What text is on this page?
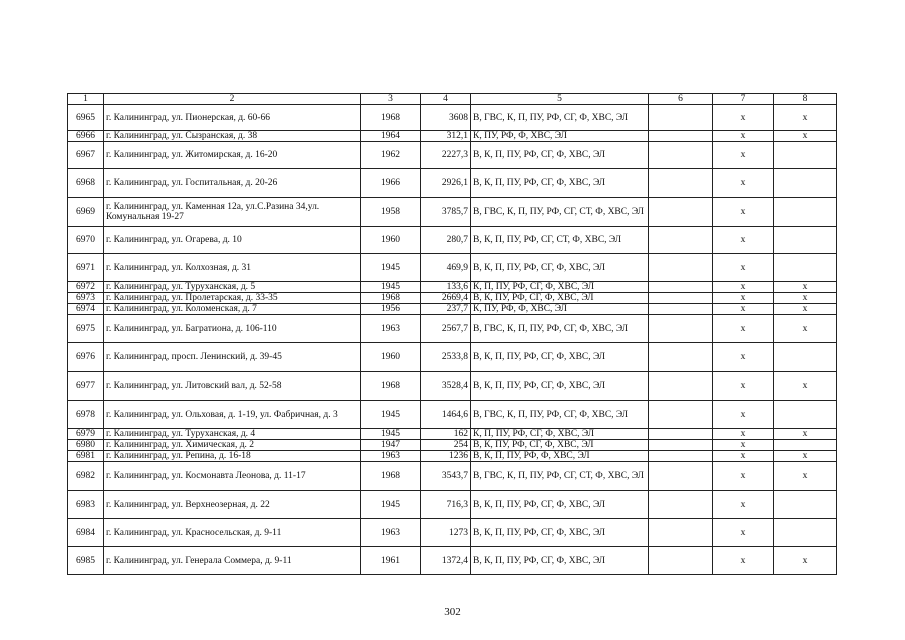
1	2	3	4	5	6	7	8
6965	г. Калининград, ул. Пионерская, д. 60-66	1968	3608	В, ГВС, К, П, ПУ, РФ, СГ, Ф, ХВС, ЭЛ		х	х
6966	г. Калининград, ул. Сызранская, д. 38	1964	312,1	К, ПУ, РФ, Ф, ХВС, ЭЛ		х	х
6967	г. Калининград, ул. Житомирская, д. 16-20	1962	2227,3	В, К, П, ПУ, РФ, СГ, Ф, ХВС, ЭЛ		х	
6968	г. Калининград, ул. Госпитальная, д. 20-26	1966	2926,1	В, К, П, ПУ, РФ, СГ, Ф, ХВС, ЭЛ		х	
6969	г. Калининград, ул. Каменная 12а, ул.С.Разина 34,ул. Комунальная 19-27	1958	3785,7	В, ГВС, К, П, ПУ, РФ, СГ, СТ, Ф, ХВС, ЭЛ		х	
6970	г. Калининград, ул. Огарева, д. 10	1960	280,7	В, К, П, ПУ, РФ, СГ, СТ, Ф, ХВС, ЭЛ		х	
6971	г. Калининград, ул. Колхозная, д. 31	1945	469,9	В, К, П, ПУ, РФ, СГ, Ф, ХВС, ЭЛ		х	
6972	г. Калининград, ул. Туруханская, д. 5	1945	133,6	К, П, ПУ, РФ, СГ, Ф, ХВС, ЭЛ		х	х
6973	г. Калининград, ул. Пролетарская, д. 33-35	1968	2669,4	В, К, ПУ, РФ, СГ, Ф, ХВС, ЭЛ		х	х
6974	г. Калининград, ул. Коломенская, д. 7	1956	237,7	К, ПУ, РФ, Ф, ХВС, ЭЛ		х	х
6975	г. Калининград, ул. Багратиона, д. 106-110	1963	2567,7	В, ГВС, К, П, ПУ, РФ, СГ, Ф, ХВС, ЭЛ		х	х
6976	г. Калининград, просп. Ленинский, д. 39-45	1960	2533,8	В, К, П, ПУ, РФ, СГ, Ф, ХВС, ЭЛ		х	
6977	г. Калининград, ул. Литовский вал, д. 52-58	1968	3528,4	В, К, П, ПУ, РФ, СГ, Ф, ХВС, ЭЛ		х	х
6978	г. Калининград, ул. Ольховая, д. 1-19, ул. Фабричная, д. 3	1945	1464,6	В, ГВС, К, П, ПУ, РФ, СГ, Ф, ХВС, ЭЛ		х	
6979	г. Калининград, ул. Туруханская, д. 4	1945	162	К, П, ПУ, РФ, СГ, Ф, ХВС, ЭЛ		х	х
6980	г. Калининград, ул. Химическая, д. 2	1947	254	В, К, ПУ, РФ, СГ, Ф, ХВС, ЭЛ		х	
6981	г. Калининград, ул. Репина, д. 16-18	1963	1236	В, К, П, ПУ, РФ, Ф, ХВС, ЭЛ		х	х
6982	г. Калининград, ул. Космонавта Леонова, д. 11-17	1968	3543,7	В, ГВС, К, П, ПУ, РФ, СГ, СТ, Ф, ХВС, ЭЛ		х	х
6983	г. Калининград, ул. Верхнеозерная, д. 22	1945	716,3	В, К, П, ПУ, РФ, СГ, Ф, ХВС, ЭЛ		х	
6984	г. Калининград, ул. Красносельская, д. 9-11	1963	1273	В, К, П, ПУ, РФ, СГ, Ф, ХВС, ЭЛ		х	
6985	г. Калининград, ул. Генерала Соммера, д. 9-11	1961	1372,4	В, К, П, ПУ, РФ, СГ, Ф, ХВС, ЭЛ		х	х
302
